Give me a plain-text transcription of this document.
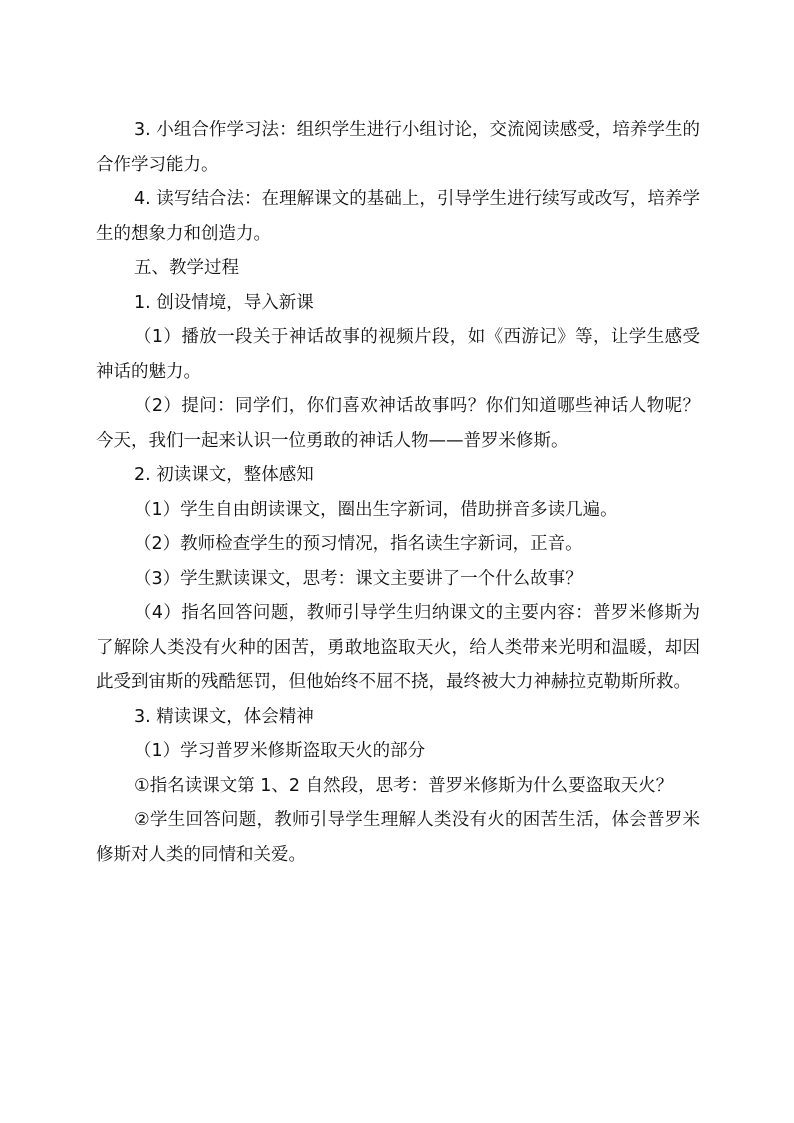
3. 小组合作学习法：组织学生进行小组讨论，交流阅读感受，培养学生的合作学习能力。

4. 读写结合法：在理解课文的基础上，引导学生进行续写或改写，培养学生的想象力和创造力。

五、教学过程

1. 创设情境，导入新课

（1）播放一段关于神话故事的视频片段，如《西游记》等，让学生感受神话的魅力。

（2）提问：同学们，你们喜欢神话故事吗？你们知道哪些神话人物呢？今天，我们一起来认识一位勇敢的神话人物——普罗米修斯。

2. 初读课文，整体感知

（1）学生自由朗读课文，圈出生字新词，借助拼音多读几遍。

（2）教师检查学生的预习情况，指名读生字新词，正音。

（3）学生默读课文，思考：课文主要讲了一个什么故事？

（4）指名回答问题，教师引导学生归纳课文的主要内容：普罗米修斯为了解除人类没有火种的困苦，勇敢地盗取天火，给人类带来光明和温暖，却因此受到宙斯的残酷惩罚，但他始终不屈不挠，最终被大力神赫拉克勒斯所救。

3. 精读课文，体会精神

（1）学习普罗米修斯盗取天火的部分

①指名读课文第 1、2 自然段，思考：普罗米修斯为什么要盗取天火？

②学生回答问题，教师引导学生理解人类没有火的困苦生活，体会普罗米修斯对人类的同情和关爱。
